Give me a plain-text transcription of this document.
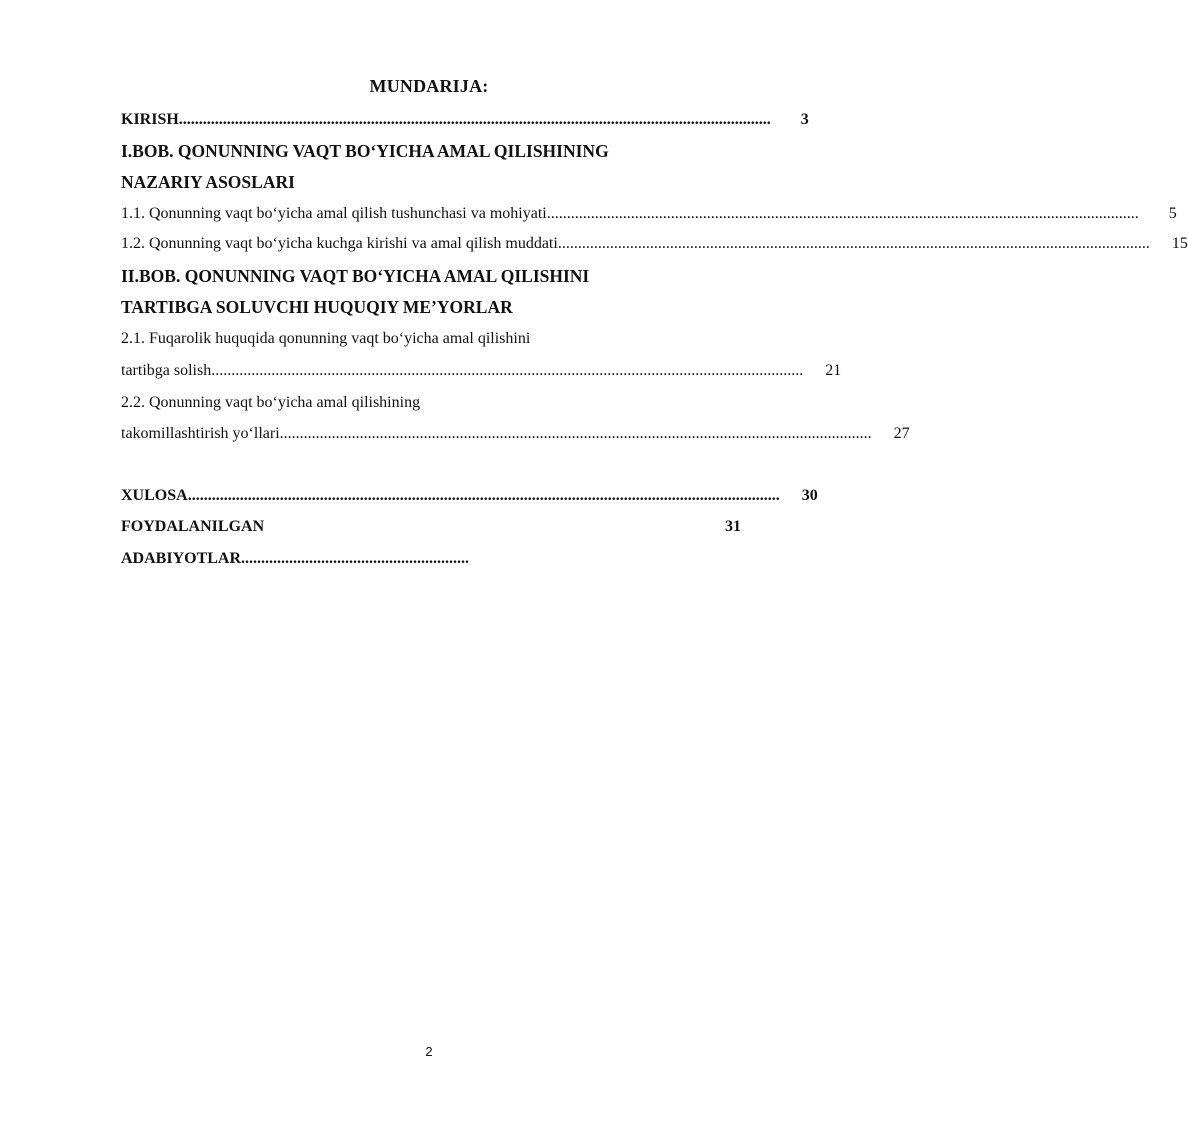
MUNDARIJA:
KIRISH ....................................................................................................................................................	3
I.BOB. QONUNNING VAQT BO‘YICHA AMAL QILISHINING
NAZARIY ASOSLARI
1.1. Qonunning vaqt bo‘yicha amal qilish tushunchasi va mohiyati ....................................................................................................................................................	5
1.2. Qonunning vaqt bo‘yicha kuchga kirishi va amal qilish muddati ....................................................................................................................................................	15
II.BOB. QONUNNING VAQT BO‘YICHA AMAL QILISHINI
TARTIBGA SOLUVCHI HUQUQIY ME’YORLAR
2.1. Fuqarolik huquqida qonunning vaqt bo‘yicha amal qilishini
tartibga solish ....................................................................................................................................................	21
2.2. Qonunning vaqt bo‘yicha amal qilishining
takomillashtirish yo‘llari ....................................................................................................................................................	27
XULOSA ....................................................................................................................................................	30
FOYDALANILGAN	31
ADABIYOTLAR.........................................................
2
